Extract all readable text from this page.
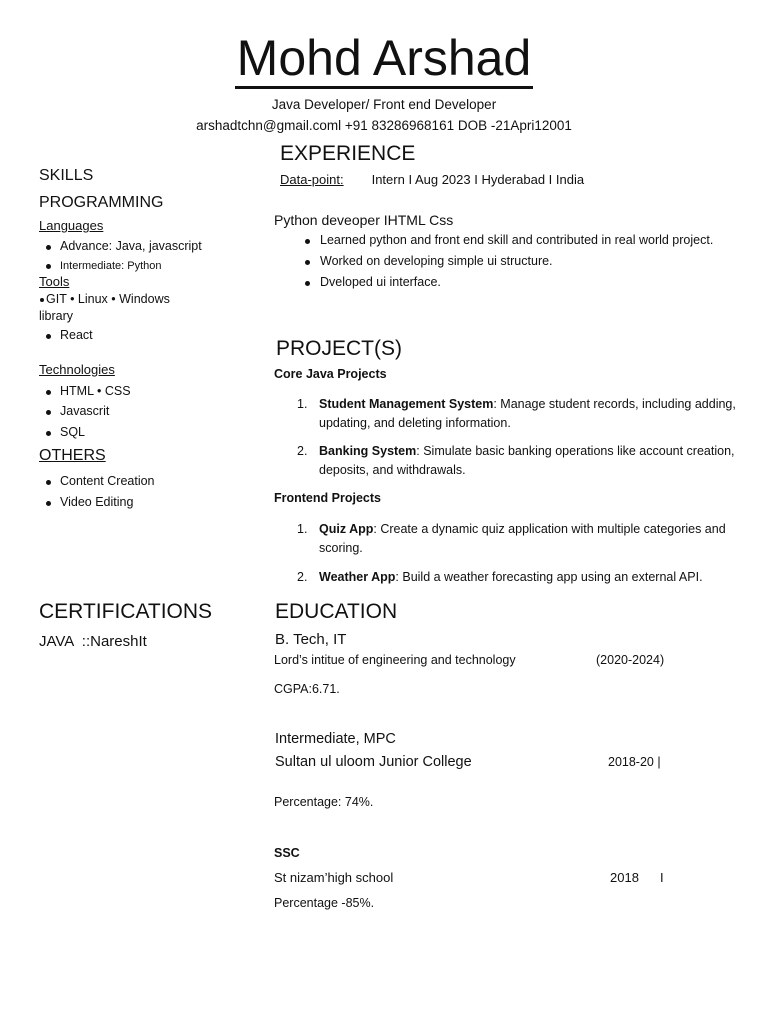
Mohd Arshad
Java Developer/ Front end Developer
arshadtchn@gmail.coml +91 83286968161 DOB -21Apri12001
EXPERIENCE
Data-point: Intern I Aug 2023 I Hyderabad I India
Python deveoper IHTML Css
Learned python and front end skill and contributed in real world project.
Worked on developing simple ui structure.
Dveloped ui interface.
SKILLS
PROGRAMMING
Languages
Advance: Java, javascript
Intermediate: Python
Tools
GIT • Linux • Windows
library
React
Technologies
HTML • CSS
Javascrit
SQL
OTHERS
Content Creation
Video Editing
PROJECT(S)
Core Java Projects
1. Student Management System: Manage student records, including adding, updating, and deleting information.
2. Banking System: Simulate basic banking operations like account creation, deposits, and withdrawals.
Frontend Projects
1. Quiz App: Create a dynamic quiz application with multiple categories and scoring.
2. Weather App: Build a weather forecasting app using an external API.
CERTIFICATIONS
JAVA  ::NareshIt
EDUCATION
B. Tech, IT
Lord’s intitue of engineering and technology	(2020-2024)
CGPA:6.71.
Intermediate, MPC
Sultan ul uloom Junior College	2018-20 |
Percentage: 74%.
SSC
St nizam’high school	2018 I
Percentage -85%.
